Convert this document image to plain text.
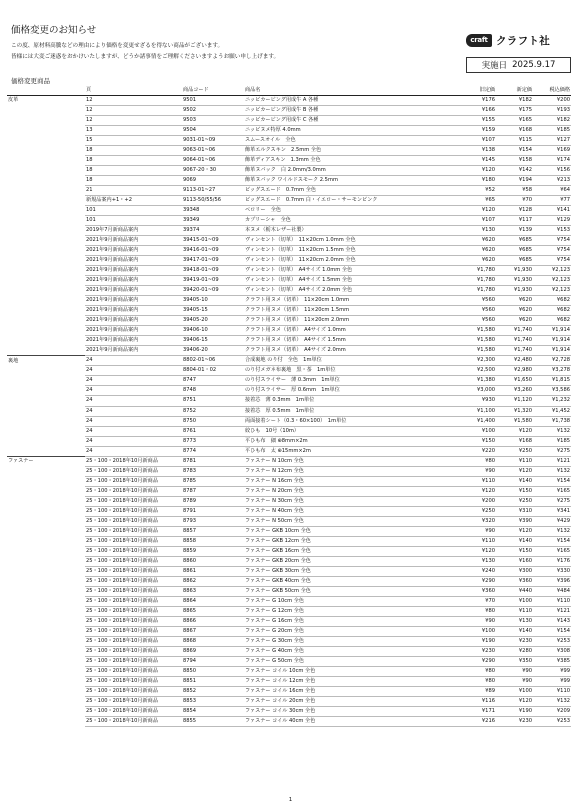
価格変更のお知らせ
この度、原材料高騰などの理由により価格を変更せざるを得ない商品がございます。
皆様には大変ご迷惑をおかけいたしますが、どうか諸事情をご理解くださいますようお願い申し上げます。
craft クラフト社
実施日 2025.9.17
価格変更商品
	頁	商品コード	商品名	旧定価	新定価	税込価格
皮革	12	9501	ニッピカービング用成牛 A 各種	¥176	¥182	¥200
	12	9502	ニッピカービング用成牛 B 各種	¥166	¥175	¥193
	12	9503	ニッピカービング用成牛 C 各種	¥155	¥165	¥182
	13	9504	ニッピヌメ特厚 4.0mm	¥159	¥168	¥185
	15	9031-01~09	スムースオイル　全色	¥107	¥115	¥127
	18	9063-01~06	飾革エルクスキン　2.5mm 全色	¥138	¥154	¥169
	18	9064-01~06	飾革ディアスキン　1.3mm 全色	¥145	¥158	¥174
	18	9067-20・30	飾革ヌバック　白 2.0mm/3.0mm	¥120	¥142	¥156
	18	9069	飾革ヌバック ワイルドスモーク 2.5mm	¥180	¥194	¥213
	21	9113-01~27	ピッグスエード　0.7mm 全色	¥52	¥58	¥64
	新規品案内+1・+2	9113-50/55/56	ピッグスエード　0.7mm 白・イエロー・サーモンピンク	¥65	¥70	¥77
	101	39348	ベロリー　全色	¥120	¥128	¥141
	101	39349	カプリーシャ　全色	¥107	¥117	¥129
	2019年7月新商品案内	39374	本ヌメ（栃木レザー社製）	¥130	¥139	¥153
	2021年9月新商品案内	39415-01~09	ヴィンセント（切革）　11×20cm 1.0mm 全色	¥620	¥685	¥754
	2021年9月新商品案内	39416-01~09	ヴィンセント（切革）　11×20cm 1.5mm 全色	¥620	¥685	¥754
	2021年9月新商品案内	39417-01~09	ヴィンセント（切革）　11×20cm 2.0mm 全色	¥620	¥685	¥754
	2021年9月新商品案内	39418-01~09	ヴィンセント（切革）　A4サイズ 1.0mm 全色	¥1,780	¥1,930	¥2,123
	2021年9月新商品案内	39419-01~09	ヴィンセント（切革）　A4サイズ 1.5mm 全色	¥1,780	¥1,930	¥2,123
	2021年9月新商品案内	39420-01~09	ヴィンセント（切革）　A4サイズ 2.0mm 全色	¥1,780	¥1,930	¥2,123
	2021年9月新商品案内	39405-10	クラフト用ヌメ（切革）　11×20cm 1.0mm	¥560	¥620	¥682
	2021年9月新商品案内	39405-15	クラフト用ヌメ（切革）　11×20cm 1.5mm	¥560	¥620	¥682
	2021年9月新商品案内	39405-20	クラフト用ヌメ（切革）　11×20cm 2.0mm	¥560	¥620	¥682
	2021年9月新商品案内	39406-10	クラフト用ヌメ（切革）　A4サイズ 1.0mm	¥1,580	¥1,740	¥1,914
	2021年9月新商品案内	39406-15	クラフト用ヌメ（切革）　A4サイズ 1.5mm	¥1,580	¥1,740	¥1,914
	2021年9月新商品案内	39406-20	クラフト用ヌメ（切革）　A4サイズ 2.0mm	¥1,580	¥1,740	¥1,914
裏地	24	8802-01~06	合成裏地 のり付　全色　1m単位	¥2,300	¥2,480	¥2,728
	24	8804-01・02	のり付メガネ布裏地　黒・茶　1m単位	¥2,500	¥2,980	¥3,278
	24	8747	のり付スライサー　薄 0.3mm　1m単位	¥1,380	¥1,650	¥1,815
	24	8748	のり付スライサー　厚 0.6mm　1m単位	¥3,000	¥3,260	¥3,586
	24	8751	接着芯　薄 0.3mm　1m単位	¥930	¥1,120	¥1,232
	24	8752	接着芯　厚 0.5mm　1m単位	¥1,100	¥1,320	¥1,452
	24	8750	両面接着シート（0.3・60×100）　1m単位	¥1,400	¥1,580	¥1,738
	24	8761	絞ひも　10号（10m）	¥100	¥120	¥132
	24	8773	平ひも布　細 ⊕8mm×2m	¥150	¥168	¥185
	24	8774	平ひも布　太 ⊕15mm×2m	¥220	¥250	¥275
ファスナー	25・100・2018年10月新商品	8781	ファスナー N 10cm 全色	¥80	¥110	¥121
	25・100・2018年10月新商品	8783	ファスナー N 12cm 全色	¥90	¥120	¥132
	25・100・2018年10月新商品	8785	ファスナー N 16cm 全色	¥110	¥140	¥154
	25・100・2018年10月新商品	8787	ファスナー N 20cm 全色	¥120	¥150	¥165
	25・100・2018年10月新商品	8789	ファスナー N 30cm 全色	¥200	¥250	¥275
	25・100・2018年10月新商品	8791	ファスナー N 40cm 全色	¥250	¥310	¥341
	25・100・2018年10月新商品	8793	ファスナー N 50cm 全色	¥320	¥390	¥429
	25・100・2018年10月新商品	8857	ファスナー GKB 10cm 全色	¥90	¥120	¥132
	25・100・2018年10月新商品	8858	ファスナー GKB 12cm 全色	¥110	¥140	¥154
	25・100・2018年10月新商品	8859	ファスナー GKB 16cm 全色	¥120	¥150	¥165
	25・100・2018年10月新商品	8860	ファスナー GKB 20cm 全色	¥130	¥160	¥176
	25・100・2018年10月新商品	8861	ファスナー GKB 30cm 全色	¥240	¥300	¥330
	25・100・2018年10月新商品	8862	ファスナー GKB 40cm 全色	¥290	¥360	¥396
	25・100・2018年10月新商品	8863	ファスナー GKB 50cm 全色	¥360	¥440	¥484
	25・100・2018年10月新商品	8864	ファスナー G 10cm 全色	¥70	¥100	¥110
	25・100・2018年10月新商品	8865	ファスナー G 12cm 全色	¥80	¥110	¥121
	25・100・2018年10月新商品	8866	ファスナー G 16cm 全色	¥90	¥130	¥143
	25・100・2018年10月新商品	8867	ファスナー G 20cm 全色	¥100	¥140	¥154
	25・100・2018年10月新商品	8868	ファスナー G 30cm 全色	¥190	¥230	¥253
	25・100・2018年10月新商品	8869	ファスナー G 40cm 全色	¥230	¥280	¥308
	25・100・2018年10月新商品	8794	ファスナー G 50cm 全色	¥290	¥350	¥385
	25・100・2018年10月新商品	8850	ファスナー コイル 10cm 全色	¥80	¥90	¥99
	25・100・2018年10月新商品	8851	ファスナー コイル 12cm 全色	¥80	¥90	¥99
	25・100・2018年10月新商品	8852	ファスナー コイル 16cm 全色	¥89	¥100	¥110
	25・100・2018年10月新商品	8853	ファスナー コイル 20cm 全色	¥116	¥120	¥132
	25・100・2018年10月新商品	8854	ファスナー コイル 30cm 全色	¥171	¥190	¥209
	25・100・2018年10月新商品	8855	ファスナー コイル 40cm 全色	¥216	¥230	¥253
1
